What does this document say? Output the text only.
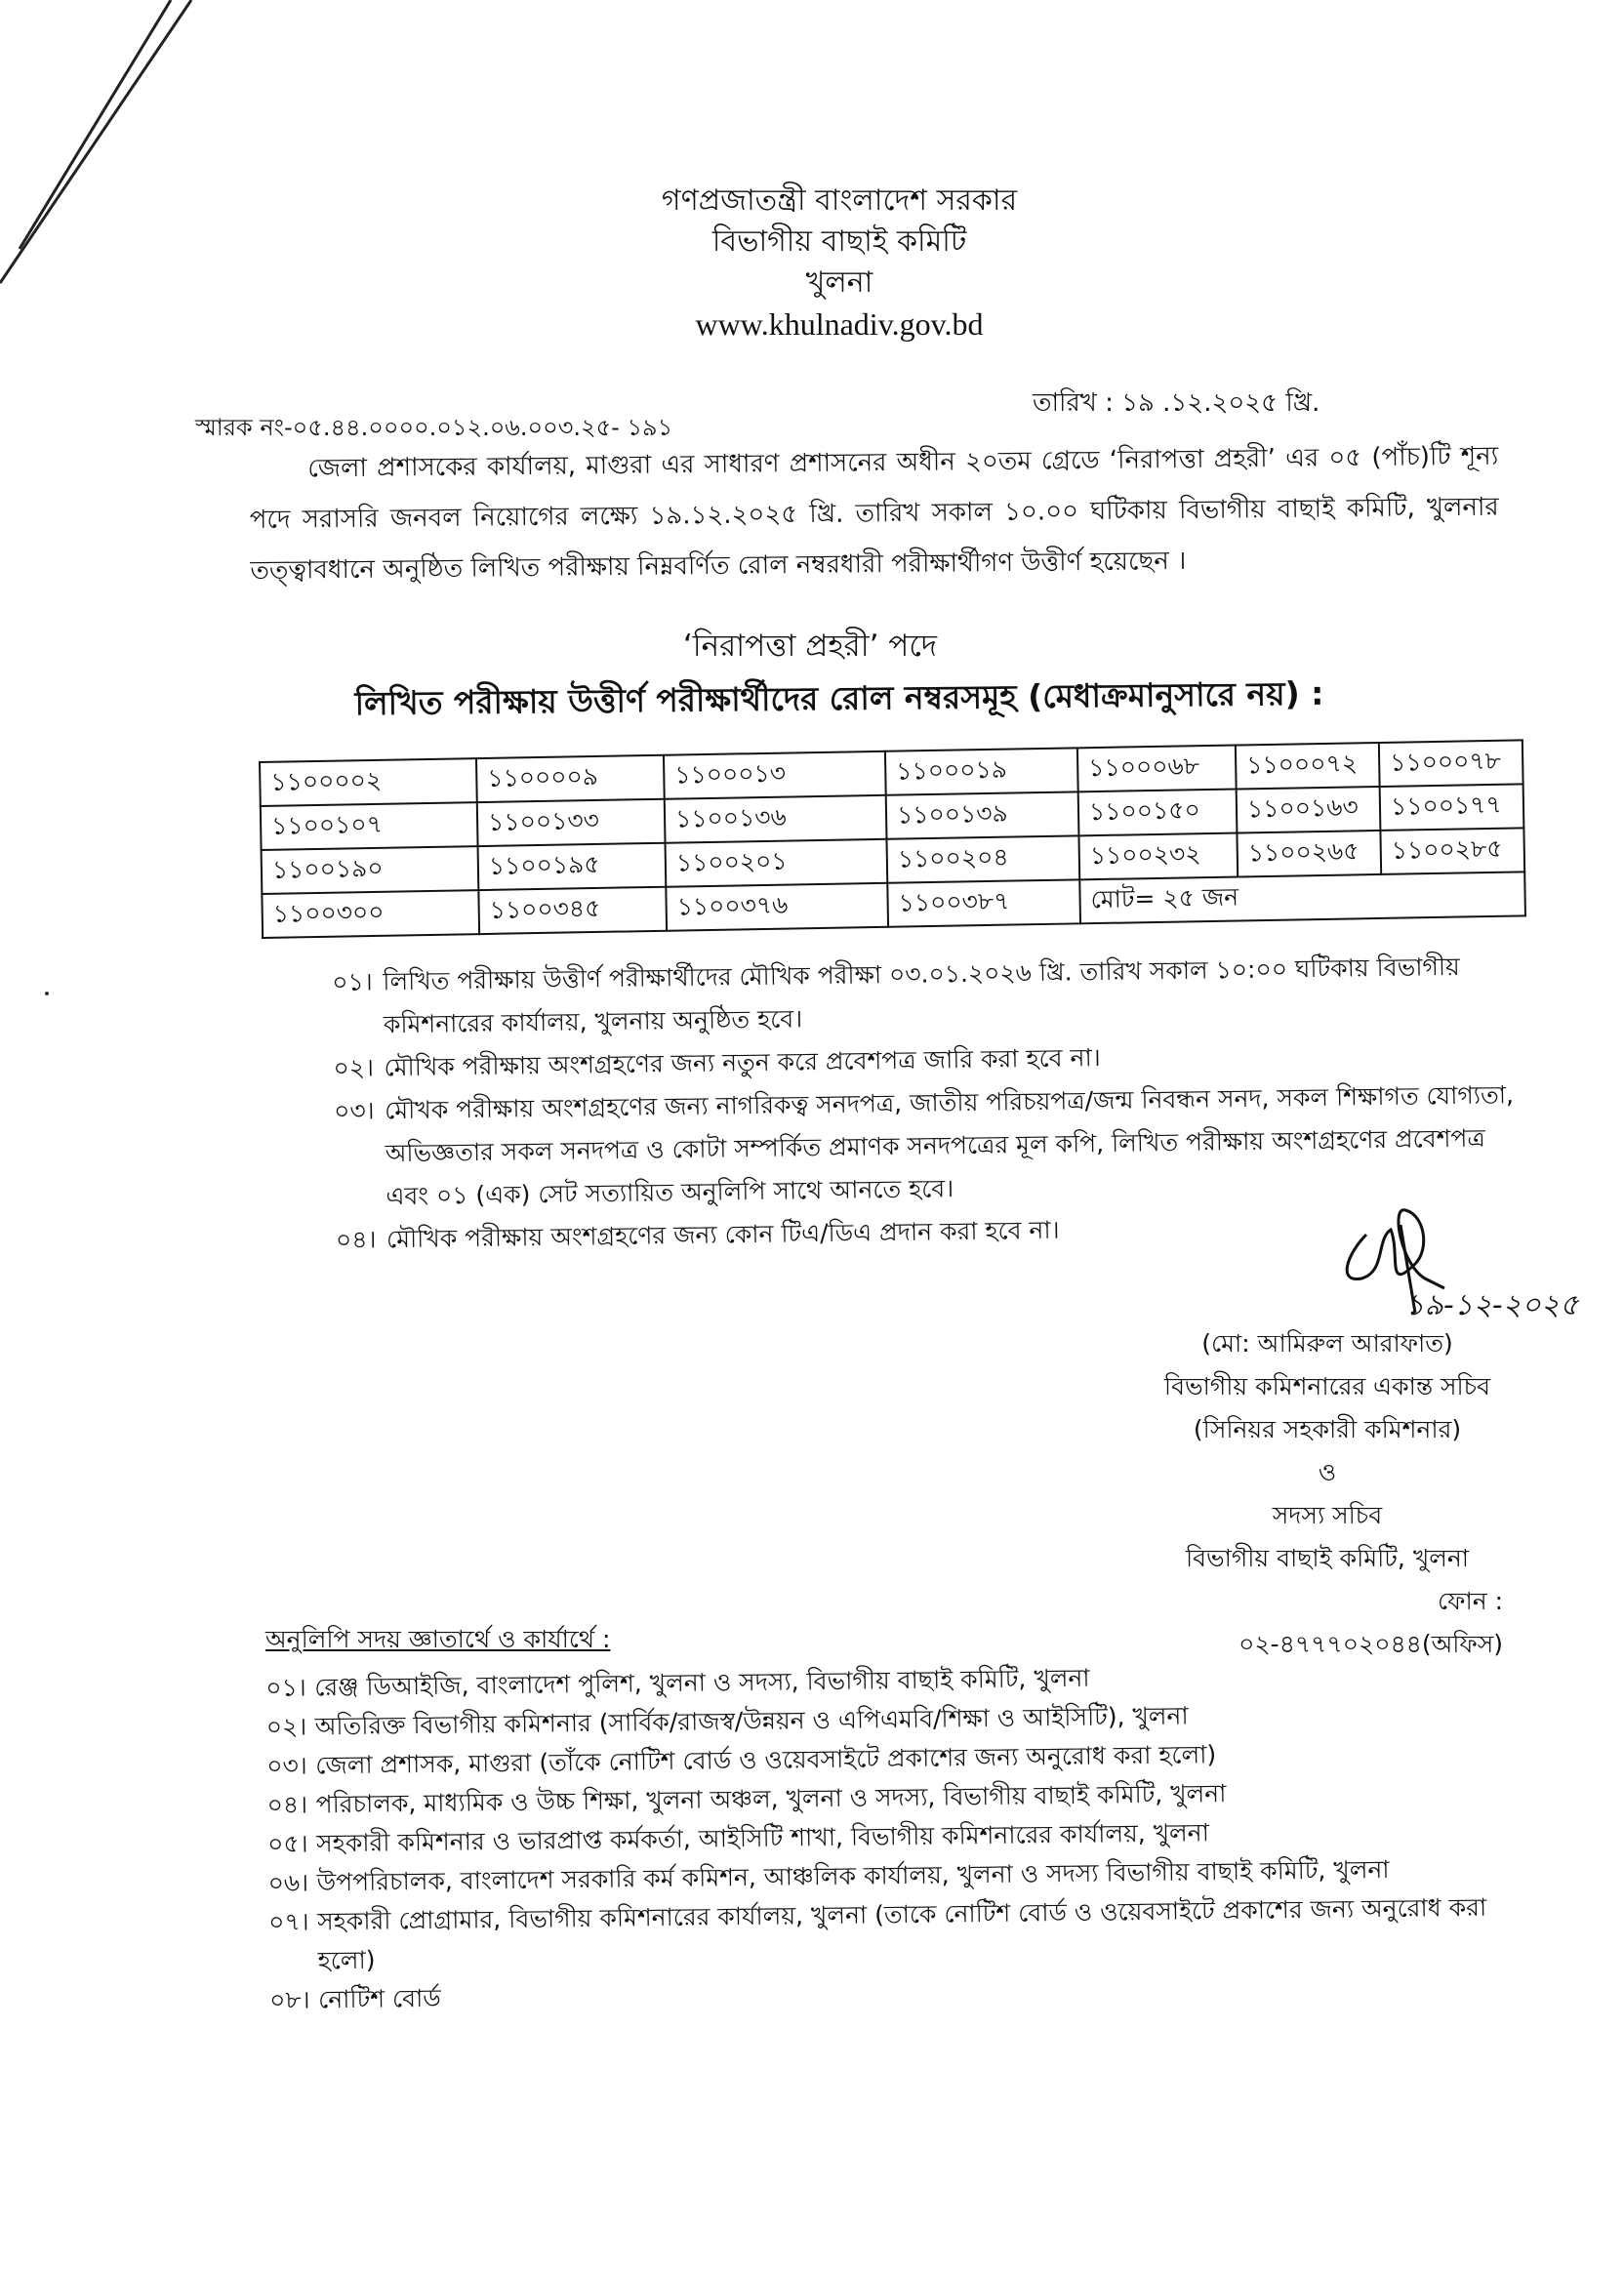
গণপ্রজাতন্ত্রী বাংলাদেশ সরকার
বিভাগীয় বাছাই কমিটি
খুলনা
www.khulnadiv.gov.bd
স্মারক নং-০৫.৪৪.০০০০.০১২.০৬.০০৩.২৫- ১৯১
তারিখ : ১৯ .১২.২০২৫ খ্রি.

জেলা প্রশাসকের কার্যালয়, মাগুরা এর সাধারণ প্রশাসনের অধীন ২০তম গ্রেডে ‘নিরাপত্তা প্রহরী’ এর ০৫ (পাঁচ)টি শূন্য পদে সরাসরি জনবল নিয়োগের লক্ষ্যে ১৯.১২.২০২৫ খ্রি. তারিখ সকাল ১০.০০ ঘটিকায় বিভাগীয় বাছাই কমিটি, খুলনার তত্ত্বাবধানে অনুষ্ঠিত লিখিত পরীক্ষায় নিম্নবর্ণিত রোল নম্বরধারী পরীক্ষার্থীগণ উত্তীর্ণ হয়েছেন ।

‘নিরাপত্তা প্রহরী’ পদে
লিখিত পরীক্ষায় উত্তীর্ণ পরীক্ষার্থীদের রোল নম্বরসমূহ (মেধাক্রমানুসারে নয়) :
১১০০০০২	১১০০০০৯	১১০০০১৩	১১০০০১৯	১১০০০৬৮	১১০০০৭২	১১০০০৭৮
১১০০১০৭	১১০০১৩৩	১১০০১৩৬	১১০০১৩৯	১১০০১৫০	১১০০১৬৩	১১০০১৭৭
১১০০১৯০	১১০০১৯৫	১১০০২০১	১১০০২০৪	১১০০২৩২	১১০০২৬৫	১১০০২৮৫
১১০০৩০০	১১০০৩৪৫	১১০০৩৭৬	১১০০৩৮৭	মোট= ২৫ জন		
০১। লিখিত পরীক্ষায় উত্তীর্ণ পরীক্ষার্থীদের মৌখিক পরীক্ষা ০৩.০১.২০২৬ খ্রি. তারিখ সকাল ১০:০০ ঘটিকায় বিভাগীয় কমিশনারের কার্যালয়, খুলনায় অনুষ্ঠিত হবে।
০২। মৌখিক পরীক্ষায় অংশগ্রহণের জন্য নতুন করে প্রবেশপত্র জারি করা হবে না।
০৩। মৌখক পরীক্ষায় অংশগ্রহণের জন্য নাগরিকত্ব সনদপত্র, জাতীয় পরিচয়পত্র/জন্ম নিবন্ধন সনদ, সকল শিক্ষাগত যোগ্যতা, অভিজ্ঞতার সকল সনদপত্র ও কোটা সম্পর্কিত প্রমাণক সনদপত্রের মূল কপি, লিখিত পরীক্ষায় অংশগ্রহণের প্রবেশপত্র এবং ০১ (এক) সেট সত্যায়িত অনুলিপি সাথে আনতে হবে।
০৪। মৌখিক পরীক্ষায় অংশগ্রহণের জন্য কোন টিএ/ডিএ প্রদান করা হবে না।
১৯-১২-২০২৫
(মো: আমিরুল আরাফাত)
বিভাগীয় কমিশনারের একান্ত সচিব
(সিনিয়র সহকারী কমিশনার)
ও
সদস্য সচিব
বিভাগীয় বাছাই কমিটি, খুলনা
ফোন : ০২-৪৭৭৭০২০৪৪(অফিস)
অনুলিপি সদয় জ্ঞাতার্থে ও কার্যার্থে :
০১। রেঞ্জ ডিআইজি, বাংলাদেশ পুলিশ, খুলনা ও সদস্য, বিভাগীয় বাছাই কমিটি, খুলনা
০২। অতিরিক্ত বিভাগীয় কমিশনার (সার্বিক/রাজস্ব/উন্নয়ন ও এপিএমবি/শিক্ষা ও আইসিটি), খুলনা
০৩। জেলা প্রশাসক, মাগুরা (তাঁকে নোটিশ বোর্ড ও ওয়েবসাইটে প্রকাশের জন্য অনুরোধ করা হলো)
০৪। পরিচালক, মাধ্যমিক ও উচ্চ শিক্ষা, খুলনা অঞ্চল, খুলনা ও সদস্য, বিভাগীয় বাছাই কমিটি, খুলনা
০৫। সহকারী কমিশনার ও ভারপ্রাপ্ত কর্মকর্তা, আইসিটি শাখা, বিভাগীয় কমিশনারের কার্যালয়, খুলনা
০৬। উপপরিচালক, বাংলাদেশ সরকারি কর্ম কমিশন, আঞ্চলিক কার্যালয়, খুলনা ও সদস্য বিভাগীয় বাছাই কমিটি, খুলনা
০৭। সহকারী প্রোগ্রামার, বিভাগীয় কমিশনারের কার্যালয়, খুলনা (তাকে নোটিশ বোর্ড ও ওয়েবসাইটে প্রকাশের জন্য অনুরোধ করা হলো)
০৮। নোটিশ বোর্ড
